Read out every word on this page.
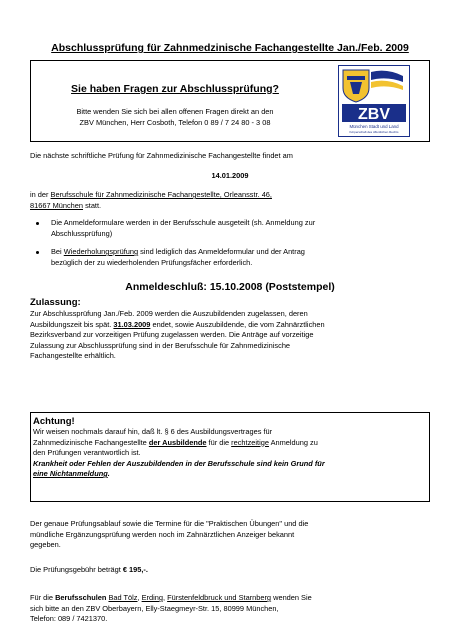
Abschlussprüfung für Zahnmedzinische Fachangestellte Jan./Feb. 2009
Sie haben Fragen zur Abschlussprüfung?
Bitte wenden Sie sich bei allen offenen Fragen direkt an den
ZBV München, Herr Cosboth, Telefon 0 89 / 7 24 80 - 3 08	ZBV
München Stadt und Land
Körperschaft des öffentlichen Rechts
Die nächste schriftliche Prüfung für Zahnmedizinische Fachangestellte findet am
14.01.2009
in der Berufsschule für Zahnmedizinische Fachangestellte, Orleansstr. 46,
81667 München statt.
Die Anmeldeformulare werden in der Berufsschule ausgeteilt (sh. Anmeldung zur
Abschlussprüfung)
Bei Wiederholungsprüfung sind lediglich das Anmeldeformular und der Antrag
bezüglich der zu wiederholenden Prüfungsfächer erforderlich.
Anmeldeschluß: 15.10.2008 (Poststempel)
Zulassung:
Zur Abschlussprüfung Jan./Feb. 2009 werden die Auszubildenden zugelassen, deren
Ausbildungszeit bis spät. 31.03.2009 endet, sowie Auszubildende, die vom Zahnärztlichen
Bezirksverband zur vorzeitigen Prüfung zugelassen werden. Die Anträge auf vorzeitige
Zulassung zur Abschlussprüfung sind in der Berufsschule für Zahnmedizinische
Fachangestellte erhältlich.
Achtung!
Wir weisen nochmals darauf hin, daß lt. § 6 des Ausbildungsvertrages für
Zahnmedizinische Fachangestellte der Ausbildende für die rechtzeitige Anmeldung zu
den Prüfungen verantwortlich ist.
Krankheit oder Fehlen der Auszubildenden in der Berufsschule sind kein Grund für
eine Nichtanmeldung.
Der genaue Prüfungsablauf sowie die Termine für die "Praktischen Übungen" und die
mündliche Ergänzungsprüfung werden noch im Zahnärztlichen Anzeiger bekannt
gegeben.
Die Prüfungsgebühr beträgt € 195,-.
Für die Berufsschulen Bad Tölz, Erding, Fürstenfeldbruck und Starnberg wenden Sie
sich bitte an den ZBV Oberbayern, Elly-Staegmeyr-Str. 15, 80999 München,
Telefon: 089 / 7421370.
